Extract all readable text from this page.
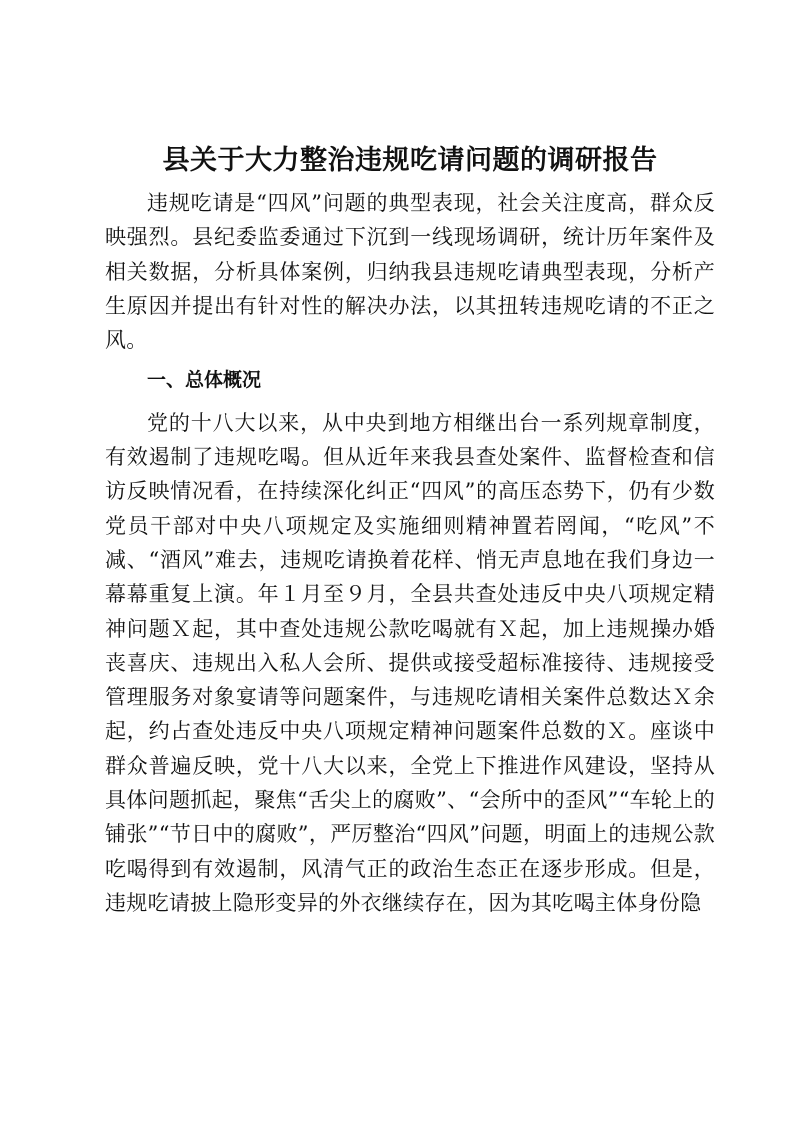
县关于大力整治违规吃请问题的调研报告

违规吃请是“四风”问题的典型表现，社会关注度高，群众反映强烈。县纪委监委通过下沉到一线现场调研，统计历年案件及相关数据，分析具体案例，归纳我县违规吃请典型表现，分析产生原因并提出有针对性的解决办法，以其扭转违规吃请的不正之风。

一、总体概况

党的十八大以来，从中央到地方相继出台一系列规章制度，有效遏制了违规吃喝。但从近年来我县查处案件、监督检查和信访反映情况看，在持续深化纠正“四风”的高压态势下，仍有少数党员干部对中央八项规定及实施细则精神置若罔闻，“吃风”不减、“酒风”难去，违规吃请换着花样、悄无声息地在我们身边一幕幕重复上演。年１月至９月，全县共查处违反中央八项规定精神问题Ｘ起，其中查处违规公款吃喝就有Ｘ起，加上违规操办婚丧喜庆、违规出入私人会所、提供或接受超标准接待、违规接受管理服务对象宴请等问题案件，与违规吃请相关案件总数达Ｘ余起，约占查处违反中央八项规定精神问题案件总数的Ｘ。座谈中群众普遍反映，党十八大以来，全党上下推进作风建设，坚持从具体问题抓起，聚焦“舌尖上的腐败”、“会所中的歪风”“车轮上的铺张”“节日中的腐败”，严厉整治“四风”问题，明面上的违规公款吃喝得到有效遏制，风清气正的政治生态正在逐步形成。但是，违规吃请披上隐形变异的外衣继续存在，因为其吃喝主体身份隐
